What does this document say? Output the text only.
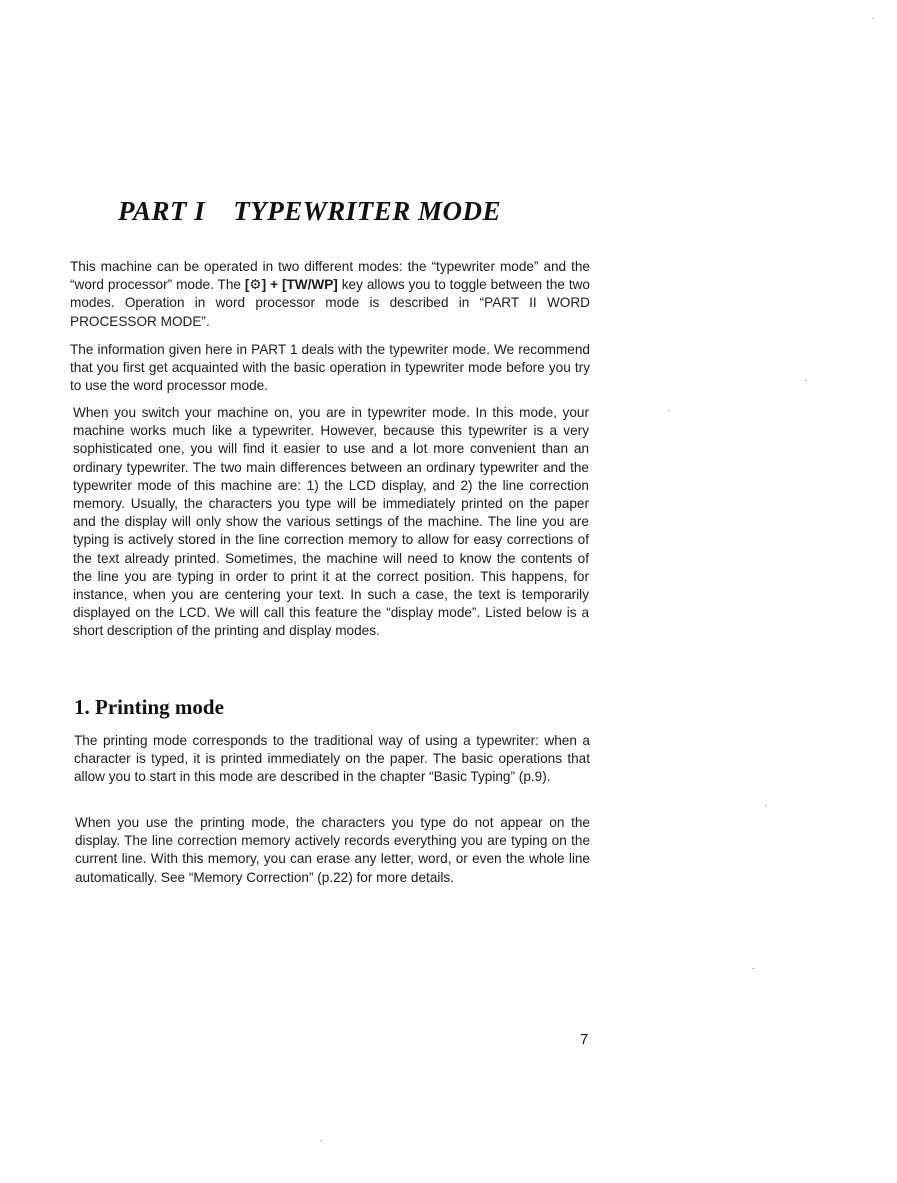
PART I TYPEWRITER MODE

This machine can be operated in two different modes: the “typewriter mode” and the “word processor” mode. The [⚙] + [TW/WP] key allows you to toggle between the two modes. Operation in word processor mode is described in “PART II WORD PROCESSOR MODE”.

The information given here in PART 1 deals with the typewriter mode. We recommend that you first get acquainted with the basic operation in typewriter mode before you try to use the word processor mode.

When you switch your machine on, you are in typewriter mode. In this mode, your machine works much like a typewriter. However, because this typewriter is a very sophisticated one, you will find it easier to use and a lot more convenient than an ordinary typewriter. The two main differences between an ordinary typewriter and the typewriter mode of this machine are: 1) the LCD display, and 2) the line correction memory. Usually, the characters you type will be immediately printed on the paper and the display will only show the various settings of the machine. The line you are typing is actively stored in the line correction memory to allow for easy corrections of the text already printed. Sometimes, the machine will need to know the contents of the line you are typing in order to print it at the correct position. This happens, for instance, when you are centering your text. In such a case, the text is temporarily displayed on the LCD. We will call this feature the “display mode”. Listed below is a short description of the printing and display modes.

1. Printing mode

The printing mode corresponds to the traditional way of using a typewriter: when a character is typed, it is printed immediately on the paper. The basic operations that allow you to start in this mode are described in the chapter “Basic Typing” (p.9).

When you use the printing mode, the characters you type do not appear on the display. The line correction memory actively records everything you are typing on the current line. With this memory, you can erase any letter, word, or even the whole line automatically. See “Memory Correction” (p.22) for more details.

7
